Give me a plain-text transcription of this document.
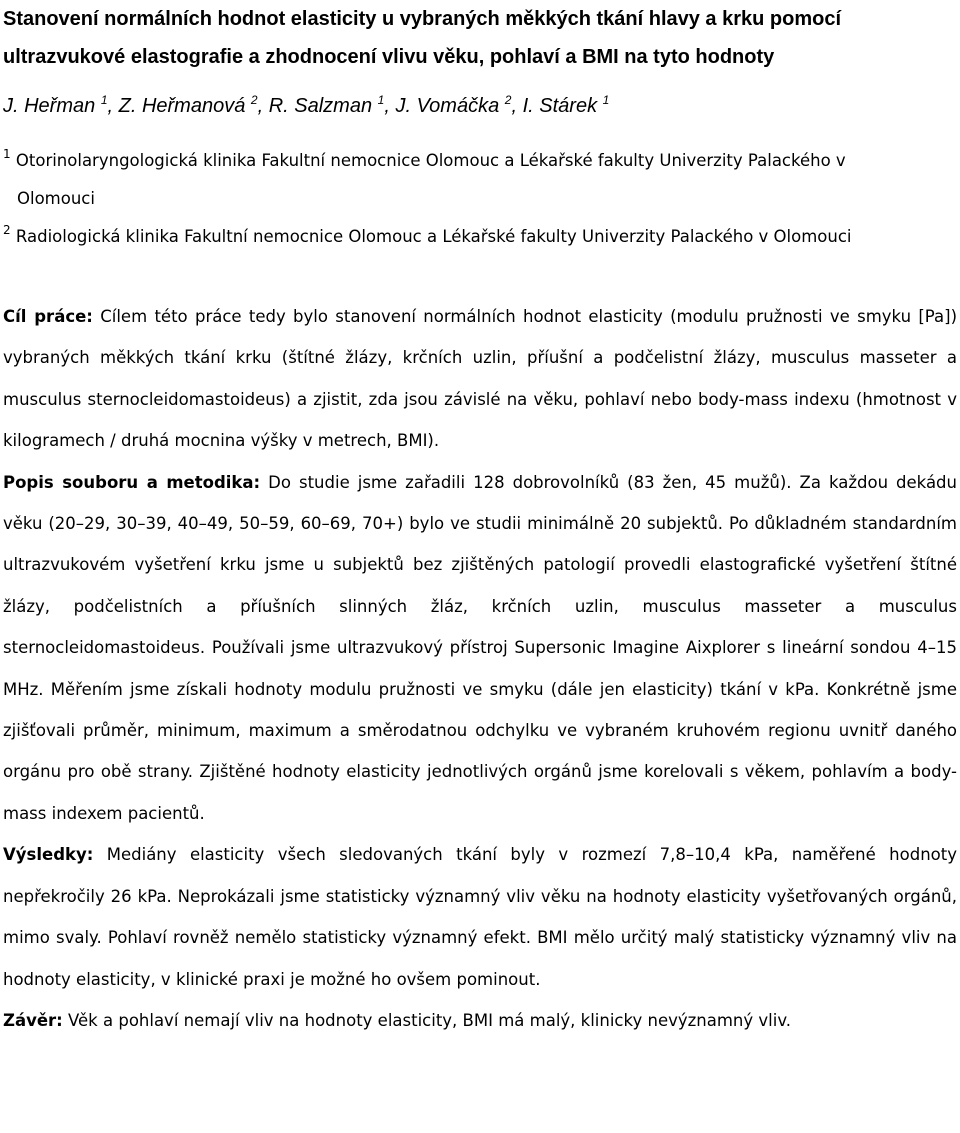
Stanovení normálních hodnot elasticity u vybraných měkkých tkání hlavy a krku pomocí ultrazvukové elastografie a zhodnocení vlivu věku, pohlaví a BMI na tyto hodnoty
J. Heřman $^1$, Z. Heřmanová $^2$, R. Salzman $^1$, J. Vomáčka $^2$, I. Stárek $^1$
$^1$ Otorinolaryngologická klinika Fakultní nemocnice Olomouc a Lékařské fakulty Univerzity Palackého v
Olomouci
$^2$ Radiologická klinika Fakultní nemocnice Olomouc a Lékařské fakulty Univerzity Palackého v Olomouci

Cíl práce: Cílem této práce tedy bylo stanovení normálních hodnot elasticity (modulu pružnosti ve smyku [Pa]) vybraných měkkých tkání krku (štítné žlázy, krčních uzlin, příušní a podčelistní žlázy, musculus masseter a musculus sternocleidomastoideus) a zjistit, zda jsou závislé na věku, pohlaví nebo body-mass indexu (hmotnost v kilogramech / druhá mocnina výšky v metrech, BMI).

Popis souboru a metodika: Do studie jsme zařadili 128 dobrovolníků (83 žen, 45 mužů). Za každou dekádu věku (20–29, 30–39, 40–49, 50–59, 60–69, 70+) bylo ve studii minimálně 20 subjektů. Po důkladném standardním ultrazvukovém vyšetření krku jsme u subjektů bez zjištěných patologií provedli elastografické vyšetření štítné žlázy, podčelistních a příušních slinných žláz, krčních uzlin, musculus masseter a musculus sternocleidomastoideus. Používali jsme ultrazvukový přístroj Supersonic Imagine Aixplorer s lineární sondou 4–15 MHz. Měřením jsme získali hodnoty modulu pružnosti ve smyku (dále jen elasticity) tkání v kPa. Konkrétně jsme zjišťovali průměr, minimum, maximum a směrodatnou odchylku ve vybraném kruhovém regionu uvnitř daného orgánu pro obě strany. Zjištěné hodnoty elasticity jednotlivých orgánů jsme korelovali s věkem, pohlavím a body-mass indexem pacientů.

Výsledky: Mediány elasticity všech sledovaných tkání byly v rozmezí 7,8–10,4 kPa, naměřené hodnoty nepřekročily 26 kPa. Neprokázali jsme statisticky významný vliv věku na hodnoty elasticity vyšetřovaných orgánů, mimo svaly. Pohlaví rovněž nemělo statisticky významný efekt. BMI mělo určitý malý statisticky významný vliv na hodnoty elasticity, v klinické praxi je možné ho ovšem pominout.

Závěr: Věk a pohlaví nemají vliv na hodnoty elasticity, BMI má malý, klinicky nevýznamný vliv.
